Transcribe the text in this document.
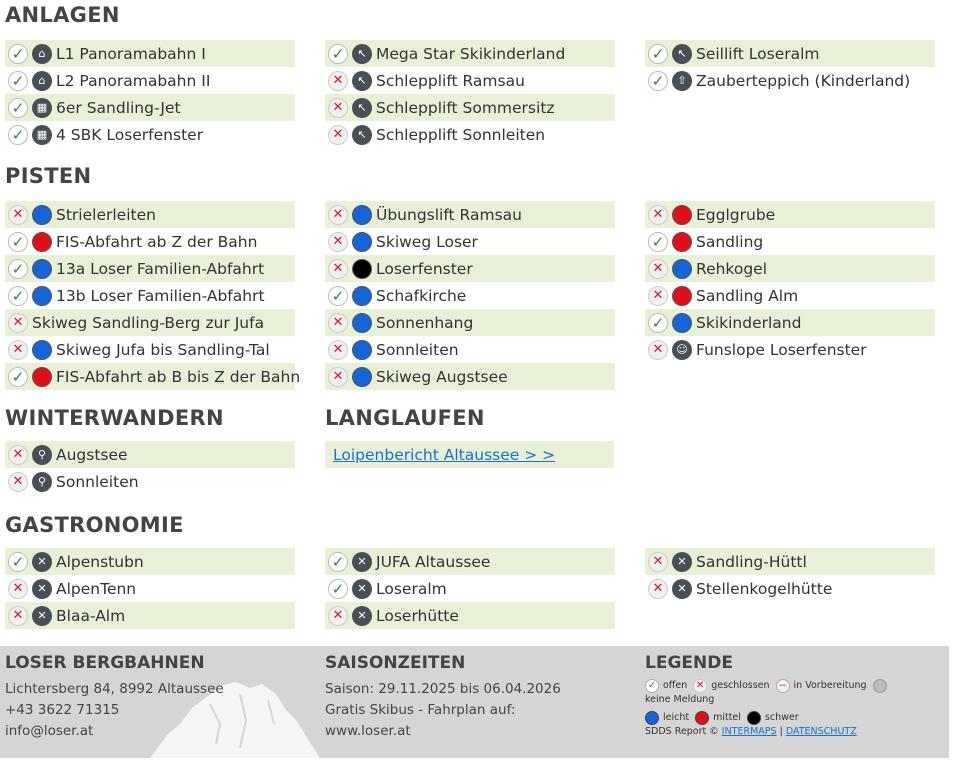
ANLAGEN
✓	⌂ L1 Panoramabahn I
✓	⌂ L2 Panoramabahn II
✓	▦ 6er Sandling-Jet
✓	▦ 4 SBK Loserfenster
✓	↖ Mega Star Skikinderland
✕	↖ Schlepplift Ramsau
✕	↖ Schlepplift Sommersitz
✕	↖ Schlepplift Sonnleiten
✓	↖ Seillift Loseralm
✓	⇧ Zauberteppich (Kinderland)
PISTEN
✕ Strielerleiten
✓ FIS-Abfahrt ab Z der Bahn
✓ 13a Loser Familien-Abfahrt
✓ 13b Loser Familien-Abfahrt
✕ Skiweg Sandling-Berg zur Jufa
✕ Skiweg Jufa bis Sandling-Tal
✓ FIS-Abfahrt ab B bis Z der Bahn
✕ Übungslift Ramsau
✕ Skiweg Loser
✕ Loserfenster
✓ Schafkirche
✕ Sonnenhang
✕ Sonnleiten
✕ Skiweg Augstsee
✕ Egglgrube
✓ Sandling
✕ Rehkogel
✕ Sandling Alm
✓ Skikinderland
✕	☺ Funslope Loserfenster
WINTERWANDERN	LANGLAUFEN
✕	⚲ Augstsee
✕	⚲ Sonnleiten
Loipenbericht Altaussee > >
GASTRONOMIE
✓	✕ Alpenstubn
✕	✕ AlpenTenn
✕	✕ Blaa-Alm
✓	✕ JUFA Altaussee
✓	✕ Loseralm
✕	✕ Loserhütte
✕	✕ Sandling-Hüttl
✕	✕ Stellenkogelhütte
LOSER BERGBAHNEN
Lichtersberg 84, 8992 Altaussee
+43 3622 71315
info@loser.at
SAISONZEITEN
Saison: 29.11.2025 bis 06.04.2026
Gratis Skibus - Fahrplan auf:
www.loser.at
LEGENDE
✓ offen ✕ geschlossen ~ in Vorbereitung
keine Meldung
leicht	mittel	schwer
SDDS Report ©
INTERMAPS
|
DATENSCHUTZ
